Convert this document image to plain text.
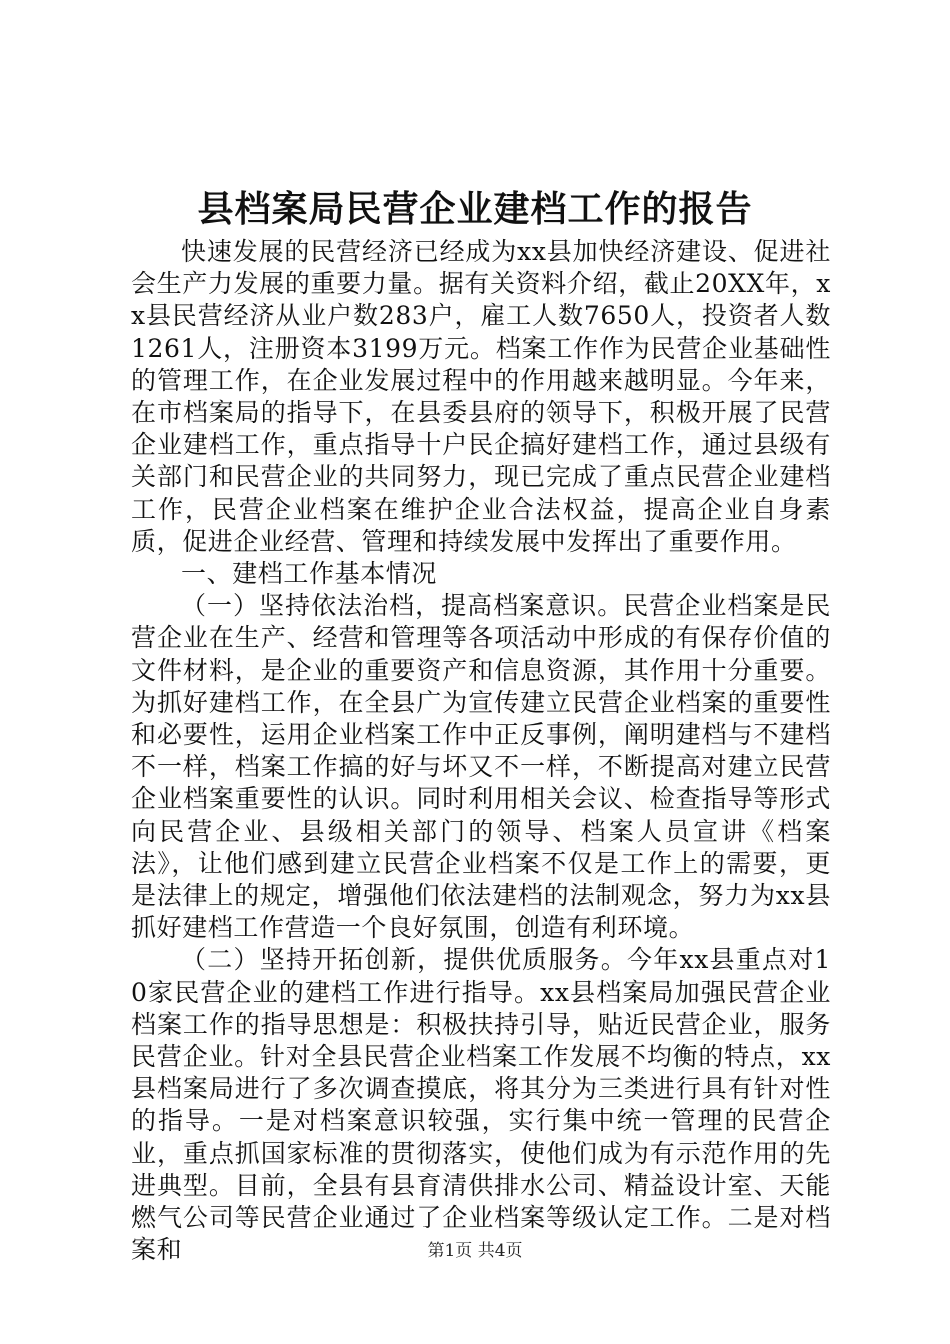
县档案局民营企业建档工作的报告

快速发展的民营经济已经成为xx县加快经济建设、促进社会生产力发展的重要力量。据有关资料介绍，截止20XX年，xx县民营经济从业户数283户，雇工人数7650人，投资者人数1261人，注册资本3199万元。档案工作作为民营企业基础性的管理工作，在企业发展过程中的作用越来越明显。今年来，在市档案局的指导下，在县委县府的领导下，积极开展了民营企业建档工作，重点指导十户民企搞好建档工作，通过县级有关部门和民营企业的共同努力，现已完成了重点民营企业建档工作，民营企业档案在维护企业合法权益，提高企业自身素质，促进企业经营、管理和持续发展中发挥出了重要作用。

一、建档工作基本情况

（一）坚持依法治档，提高档案意识。民营企业档案是民营企业在生产、经营和管理等各项活动中形成的有保存价值的文件材料，是企业的重要资产和信息资源，其作用十分重要。为抓好建档工作，在全县广为宣传建立民营企业档案的重要性和必要性，运用企业档案工作中正反事例，阐明建档与不建档不一样，档案工作搞的好与坏又不一样，不断提高对建立民营企业档案重要性的认识。同时利用相关会议、检查指导等形式向民营企业、县级相关部门的领导、档案人员宣讲《档案法》，让他们感到建立民营企业档案不仅是工作上的需要，更是法律上的规定，增强他们依法建档的法制观念，努力为xx县抓好建档工作营造一个良好氛围，创造有利环境。

（二）坚持开拓创新，提供优质服务。今年xx县重点对10家民营企业的建档工作进行指导。xx县档案局加强民营企业档案工作的指导思想是：积极扶持引导，贴近民营企业，服务民营企业。针对全县民营企业档案工作发展不均衡的特点，xx县档案局进行了多次调查摸底，将其分为三类进行具有针对性的指导。一是对档案意识较强，实行集中统一管理的民营企业，重点抓国家标准的贯彻落实，使他们成为有示范作用的先进典型。目前，全县有县育清供排水公司、精益设计室、天能燃气公司等民营企业通过了企业档案等级认定工作。二是对档案和	第1页 共4页
